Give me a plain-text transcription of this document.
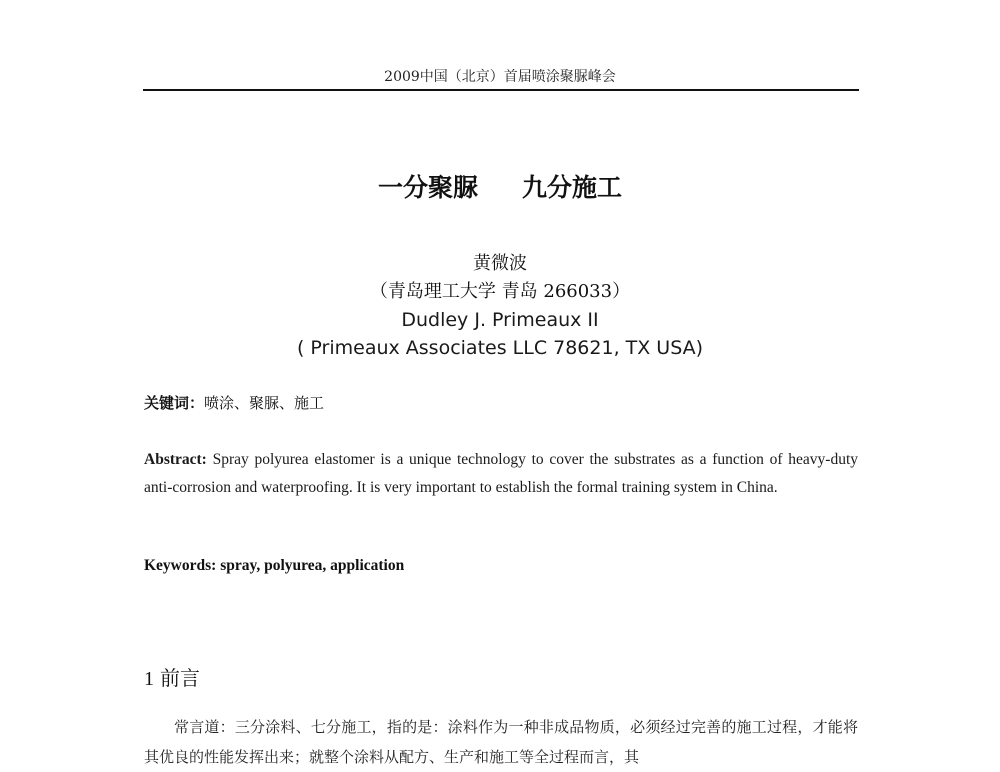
2009中国（北京）首届喷涂聚脲峰会
一分聚脲 九分施工
黄微波
（青岛理工大学 青岛 266033）
Dudley J. Primeaux II
( Primeaux Associates LLC 78621, TX USA)
关键词：喷涂、聚脲、施工
Abstract: Spray polyurea elastomer is a unique technology to cover the substrates as a function of heavy-duty anti-corrosion and waterproofing. It is very important to establish the formal training system in China.
Keywords: spray, polyurea, application
1 前言
常言道：三分涂料、七分施工，指的是：涂料作为一种非成品物质，必须经过完善的施工过程，才能将其优良的性能发挥出来；就整个涂料从配方、生产和施工等全过程而言，其
